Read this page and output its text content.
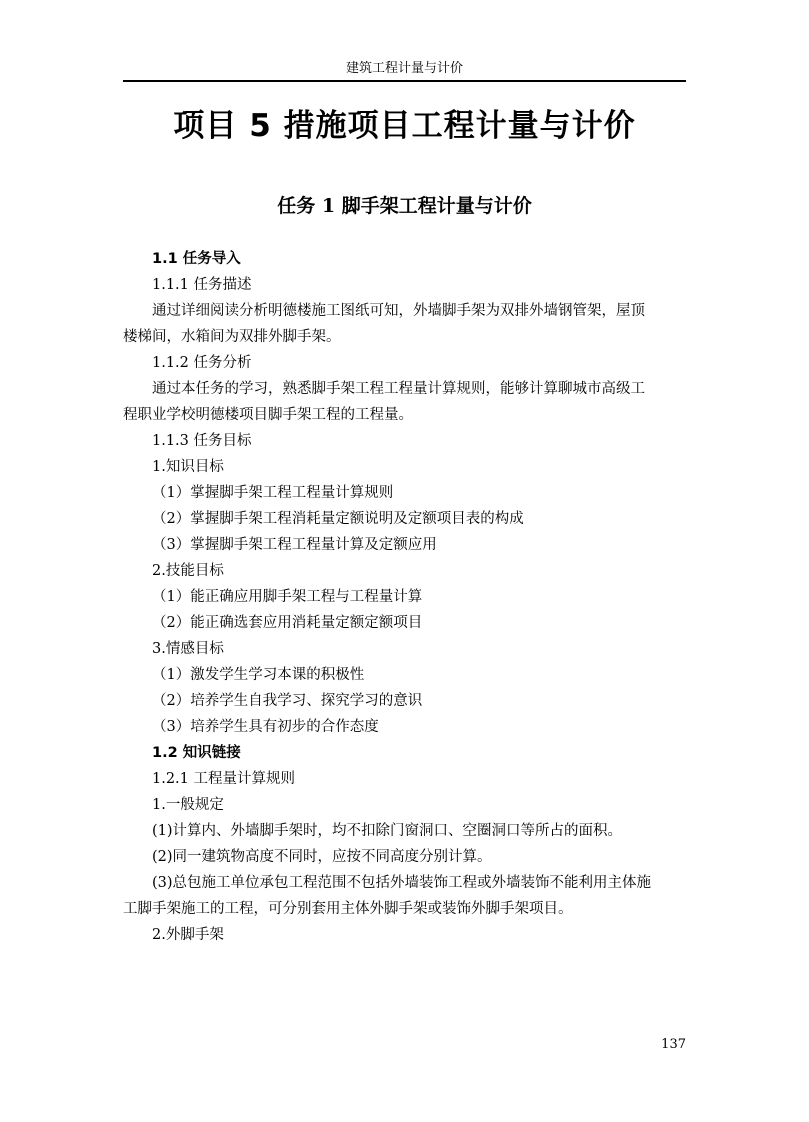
建筑工程计量与计价
项目 5 措施项目工程计量与计价
任务 1 脚手架工程计量与计价
1.1 任务导入
1.1.1 任务描述
通过详细阅读分析明德楼施工图纸可知，外墙脚手架为双排外墙钢管架，屋顶
楼梯间，水箱间为双排外脚手架。
1.1.2 任务分析
通过本任务的学习，熟悉脚手架工程工程量计算规则，能够计算聊城市高级工
程职业学校明德楼项目脚手架工程的工程量。
1.1.3 任务目标
1.知识目标
（1）掌握脚手架工程工程量计算规则
（2）掌握脚手架工程消耗量定额说明及定额项目表的构成
（3）掌握脚手架工程工程量计算及定额应用
2.技能目标
（1）能正确应用脚手架工程与工程量计算
（2）能正确选套应用消耗量定额定额项目
3.情感目标
（1）激发学生学习本课的积极性
（2）培养学生自我学习、探究学习的意识
（3）培养学生具有初步的合作态度
1.2 知识链接
1.2.1 工程量计算规则
1.一般规定
(1)计算内、外墙脚手架时，均不扣除门窗洞口、空圈洞口等所占的面积。
(2)同一建筑物高度不同时，应按不同高度分别计算。
(3)总包施工单位承包工程范围不包括外墙装饰工程或外墙装饰不能利用主体施
工脚手架施工的工程，可分别套用主体外脚手架或装饰外脚手架项目。
2.外脚手架
137
